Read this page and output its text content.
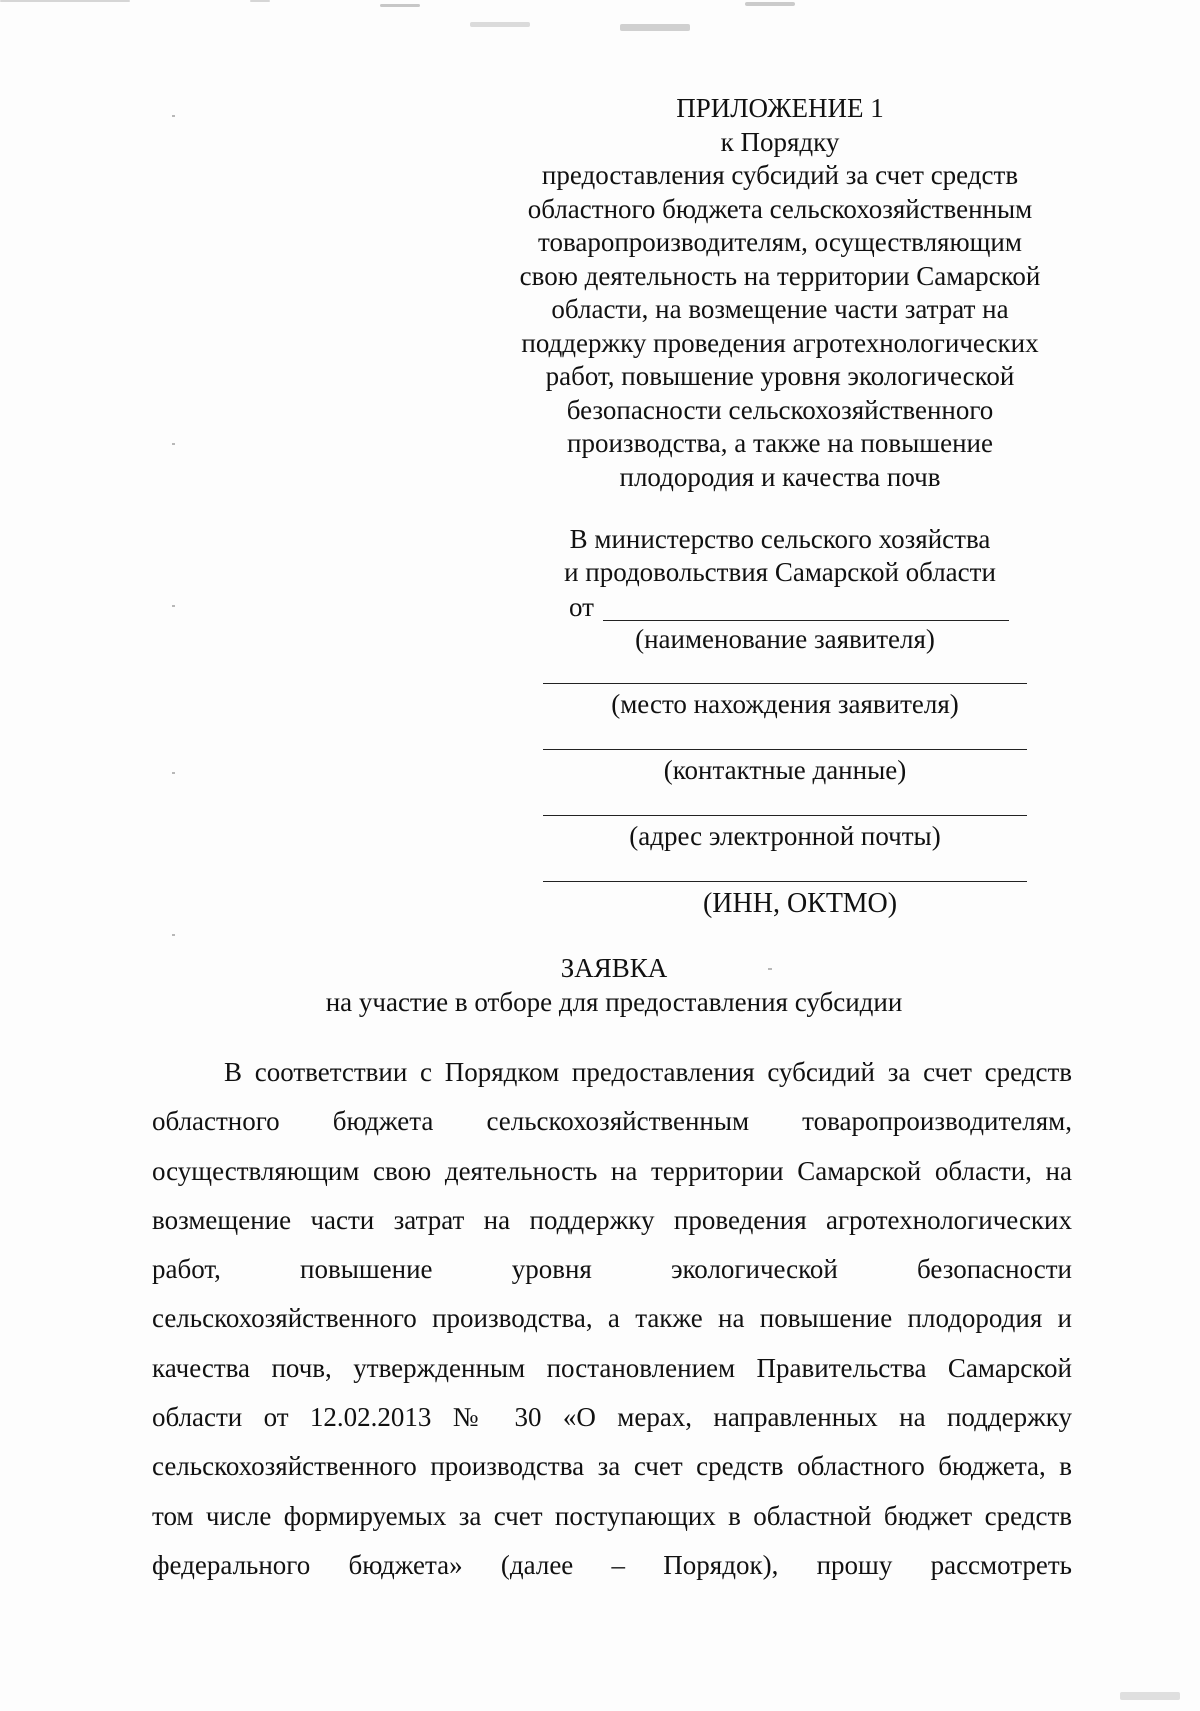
ПРИЛОЖЕНИЕ 1
к Порядку
предоставления субсидий за счет средств
областного бюджета сельскохозяйственным
товаропроизводителям, осуществляющим
свою деятельность на территории Самарской
области, на возмещение части затрат на
поддержку проведения агротехнологических
работ, повышение уровня экологической
безопасности сельскохозяйственного
производства, а также на повышение
плодородия и качества почв
В министерство сельского хозяйства
и продовольствия Самарской области
от
(наименование заявителя)
(место нахождения заявителя)
(контактные данные)
(адрес электронной почты)
(ИНН, ОКТМО)
ЗАЯВКА
на участие в отборе для предоставления субсидии
В соответствии с Порядком предоставления субсидий за счет средств
областного бюджета сельскохозяйственным товаропроизводителям,
осуществляющим свою деятельность на территории Самарской области, на
возмещение части затрат на поддержку проведения агротехнологических
работ, повышение уровня экологической безопасности
сельскохозяйственного производства, а также на повышение плодородия и
качества почв, утвержденным постановлением Правительства Самарской
области от 12.02.2013 № 30 «О мерах, направленных на поддержку
сельскохозяйственного производства за счет средств областного бюджета, в
том числе формируемых за счет поступающих в областной бюджет средств
федерального бюджета» (далее – Порядок), прошу рассмотреть
